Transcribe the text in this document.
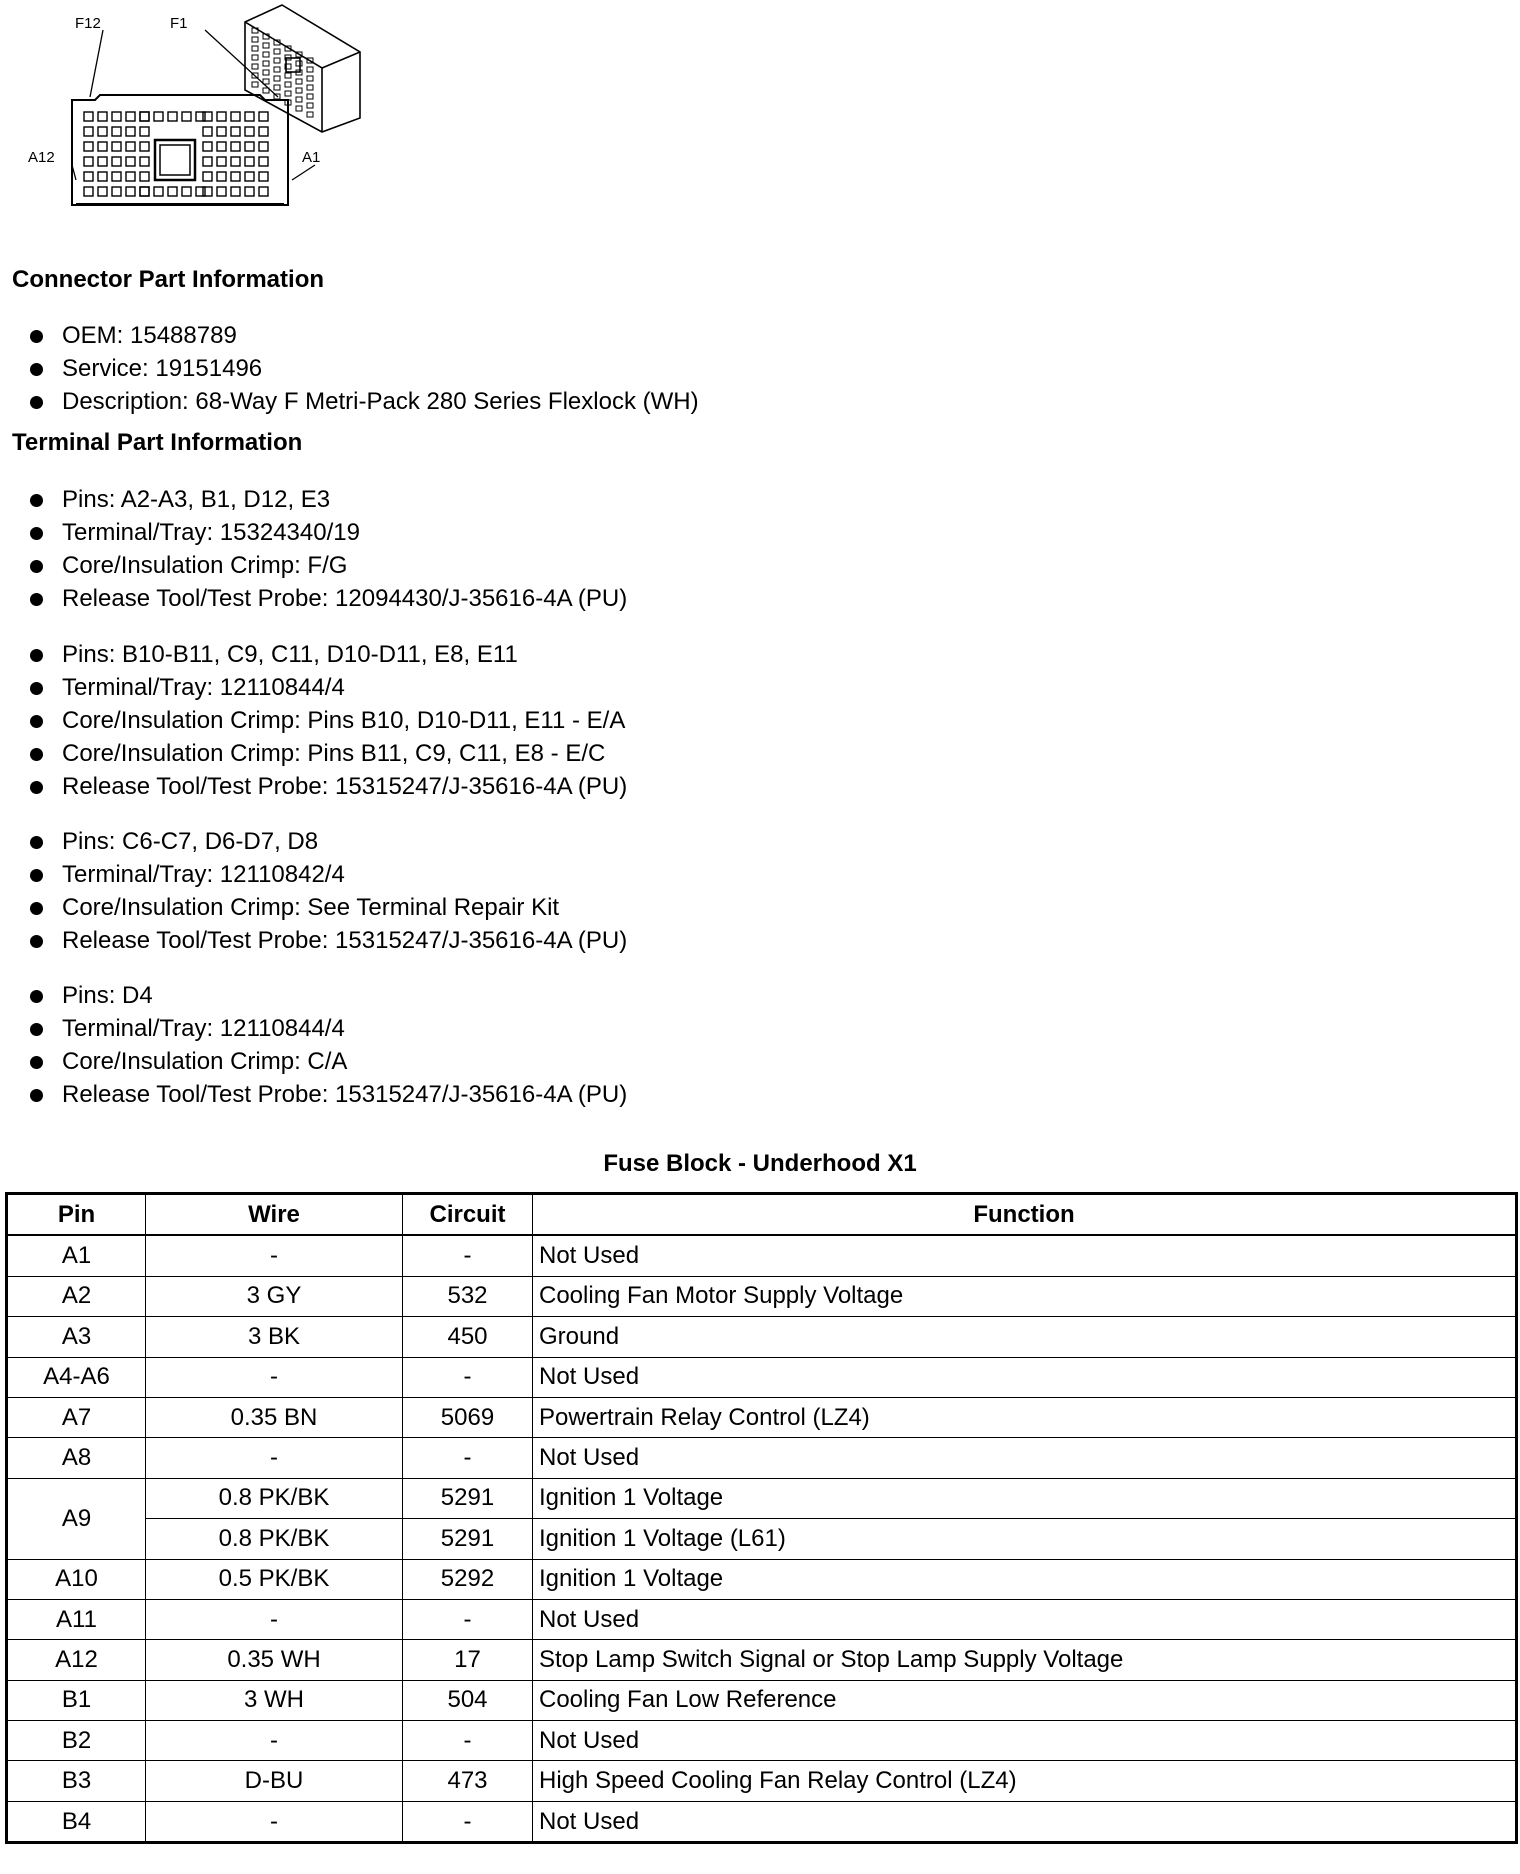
F12	F1
A12	A1
Connector Part Information
OEM: 15488789
Service: 19151496
Description: 68-Way F Metri-Pack 280 Series Flexlock (WH)
Terminal Part Information
Pins: A2-A3, B1, D12, E3
Terminal/Tray: 15324340/19
Core/Insulation Crimp: F/G
Release Tool/Test Probe: 12094430/J-35616-4A (PU)
Pins: B10-B11, C9, C11, D10-D11, E8, E11
Terminal/Tray: 12110844/4
Core/Insulation Crimp: Pins B10, D10-D11, E11 - E/A
Core/Insulation Crimp: Pins B11, C9, C11, E8 - E/C
Release Tool/Test Probe: 15315247/J-35616-4A (PU)
Pins: C6-C7, D6-D7, D8
Terminal/Tray: 12110842/4
Core/Insulation Crimp: See Terminal Repair Kit
Release Tool/Test Probe: 15315247/J-35616-4A (PU)
Pins: D4
Terminal/Tray: 12110844/4
Core/Insulation Crimp: C/A
Release Tool/Test Probe: 15315247/J-35616-4A (PU)
Fuse Block - Underhood X1
Pin	Wire	Circuit	Function
A1	-	-	Not Used
A2	3 GY	532	Cooling Fan Motor Supply Voltage
A3	3 BK	450	Ground
A4-A6	-	-	Not Used
A7	0.35 BN	5069	Powertrain Relay Control (LZ4)
A8	-	-	Not Used
A9	0.8 PK/BK	5291	Ignition 1 Voltage
	0.8 PK/BK	5291	Ignition 1 Voltage (L61)
A10	0.5 PK/BK	5292	Ignition 1 Voltage
A11	-	-	Not Used
A12	0.35 WH	17	Stop Lamp Switch Signal or Stop Lamp Supply Voltage
B1	3 WH	504	Cooling Fan Low Reference
B2	-	-	Not Used
B3	D-BU	473	High Speed Cooling Fan Relay Control (LZ4)
B4	-	-	Not Used
